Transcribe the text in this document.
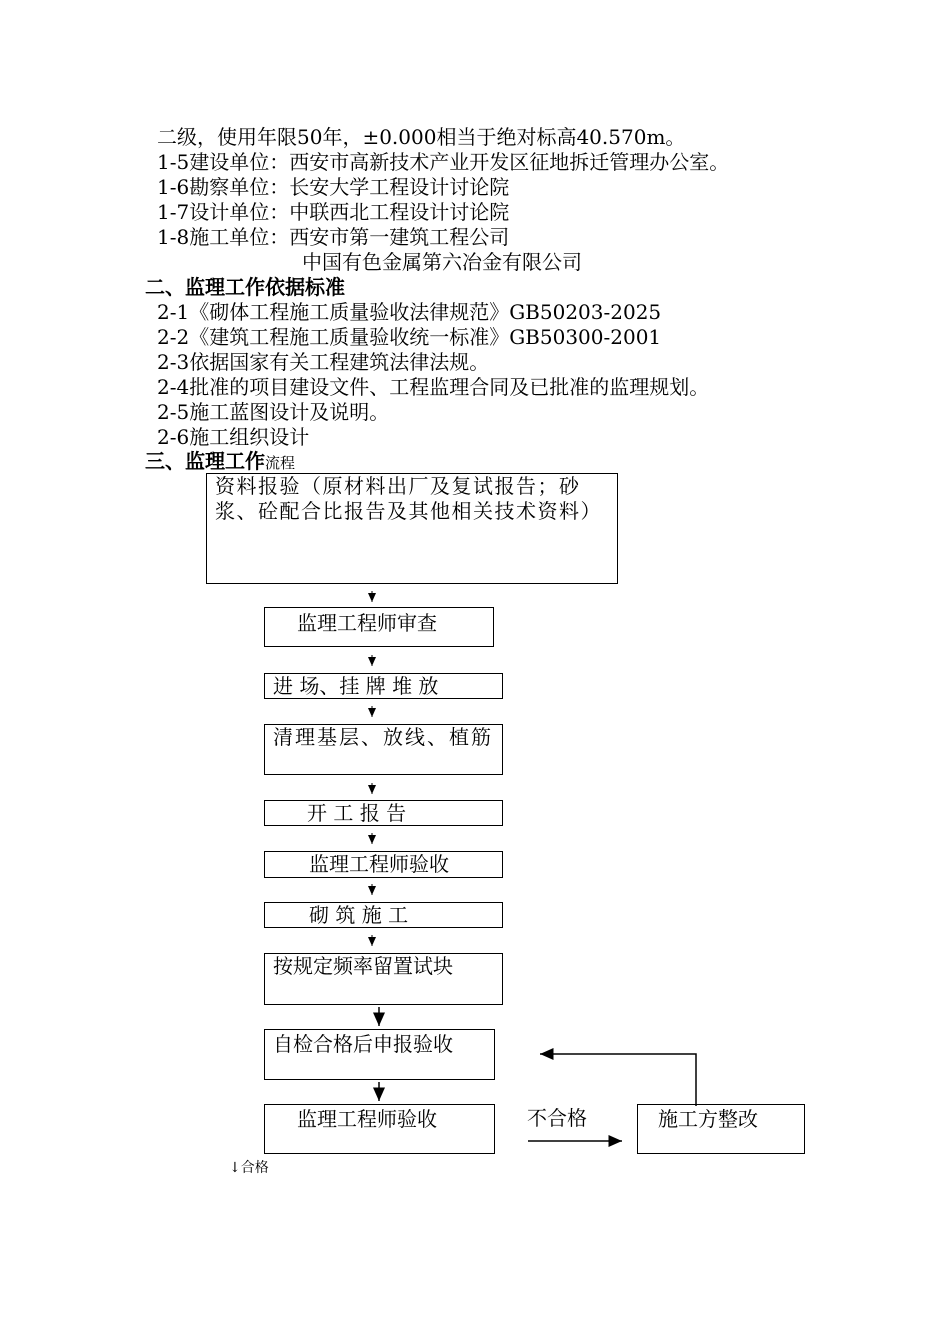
二级，使用年限50年，±0.000相当于绝对标高40.570m。
1-5建设单位：西安市高新技术产业开发区征地拆迁管理办公室。
1-6勘察单位：长安大学工程设计讨论院
1-7设计单位：中联西北工程设计讨论院
1-8施工单位：西安市第一建筑工程公司
中国有色金属第六冶金有限公司
二、监理工作依据标准
2-1《砌体工程施工质量验收法律规范》GB50203-2025
2-2《建筑工程施工质量验收统一标准》GB50300-2001
2-3依据国家有关工程建筑法律法规。
2-4批准的项目建设文件、工程监理合同及已批准的监理规划。
2-5施工蓝图设计及说明。
2-6施工组织设计
三、监理工作流程
资料报验（原材料出厂及复试报告；砂浆、砼配合比报告及其他相关技术资料）
监理工程师审查
进 场、挂 牌 堆 放
清理基层、放线、植筋
开 工 报 告
监理工程师验收
砌 筑 施 工
按规定频率留置试块
自检合格后申报验收
监理工程师验收	施工方整改
不合格
↓合格
